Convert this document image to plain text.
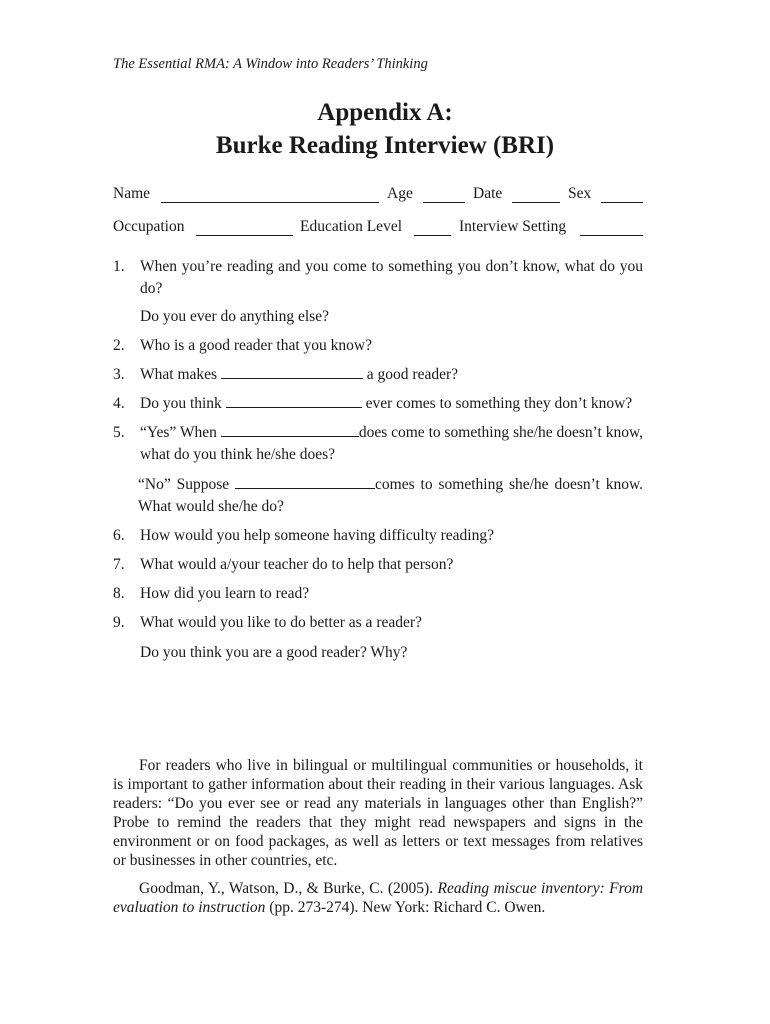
The Essential RMA: A Window into Readers’ Thinking
Appendix A:
Burke Reading Interview (BRI)
Name	Age	Date	Sex
Occupation	Education Level	Interview Setting
1. When you’re reading and you come to something you don’t know, what do you do?
Do you ever do anything else?
2. Who is a good reader that you know?
3. What makes	a good reader?
4. Do you think	ever comes to something they don’t know?
5. “Yes” When	does come to something she/he doesn’t know, what do you think he/she does?
“No” Suppose	comes to something she/he doesn’t know. What would she/he do?
6. How would you help someone having difficulty reading?
7. What would a/your teacher do to help that person?
8. How did you learn to read?
9. What would you like to do better as a reader?
Do you think you are a good reader? Why?
For readers who live in bilingual or multilingual communities or households, it is important to gather information about their reading in their various languages. Ask readers: “Do you ever see or read any materials in languages other than English?” Probe to remind the readers that they might read newspapers and signs in the environment or on food packages, as well as letters or text messages from relatives or businesses in other countries, etc.
Goodman, Y., Watson, D., & Burke, C. (2005). Reading miscue inventory: From evaluation to instruction (pp. 273-274). New York: Richard C. Owen.
